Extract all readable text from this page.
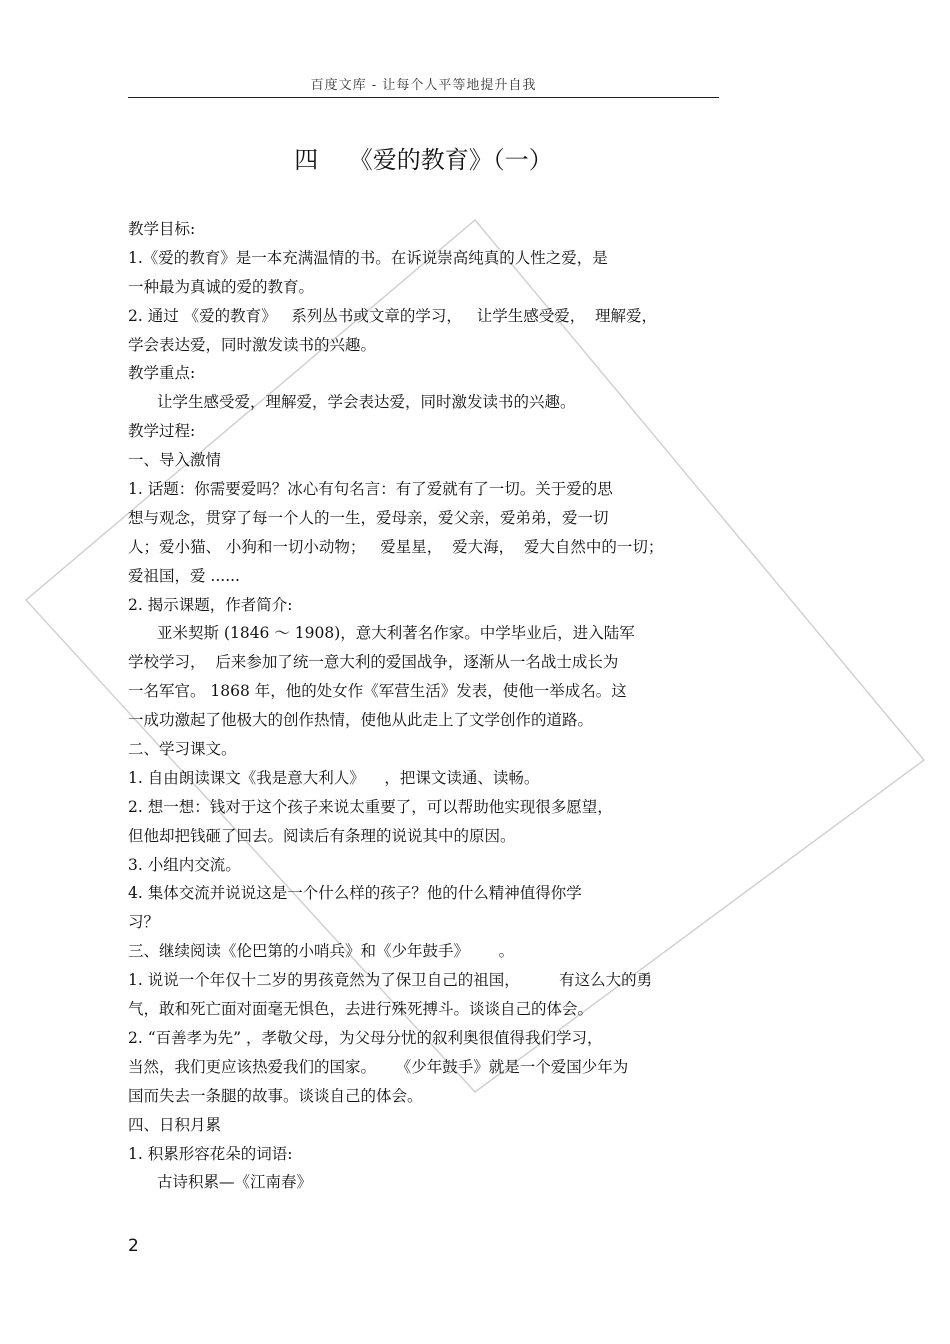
百度文库 - 让每个人平等地提升自我
四    《爱的教育》（一）
教学目标:
1.《爱的教育》是一本充满温情的书。在诉说崇高纯真的人性之爱，是
一种最为真诚的爱的教育。
2. 通过 《爱的教育》   系列丛书或文章的学习，   让学生感受爱，  理解爱，
学会表达爱，同时激发读书的兴趣。
教学重点:
让学生感受爱，理解爱，学会表达爱，同时激发读书的兴趣。
教学过程:
一、导入激情
1. 话题：你需要爱吗？冰心有句名言：有了爱就有了一切。关于爱的思
想与观念，贯穿了每一个人的一生，爱母亲，爱父亲，爱弟弟，爱一切
人；爱小猫、 小狗和一切小动物；   爱星星，  爱大海，  爱大自然中的一切；
爱祖国，爱 ......
2. 揭示课题，作者简介:
亚米契斯 (1846 ～ 1908)，意大利著名作家。中学毕业后，进入陆军
学校学习，  后来参加了统一意大利的爱国战争，逐渐从一名战士成长为
一名军官。 1868 年，他的处女作《军营生活》发表，使他一举成名。这
一成功激起了他极大的创作热情，使他从此走上了文学创作的道路。
二、学习课文。
1. 自由朗读课文《我是意大利人》    ，把课文读通、读畅。
2. 想一想：钱对于这个孩子来说太重要了，可以帮助他实现很多愿望，
但他却把钱砸了回去。阅读后有条理的说说其中的原因。
3. 小组内交流。
4. 集体交流并说说这是一个什么样的孩子？他的什么精神值得你学
习？
三、继续阅读《伦巴第的小哨兵》和《少年鼓手》      。
1. 说说一个年仅十二岁的男孩竟然为了保卫自己的祖国，        有这么大的勇
气，敢和死亡面对面毫无惧色，去进行殊死搏斗。谈谈自己的体会。
2. “百善孝为先” ，孝敬父母，为父母分忧的叙利奥很值得我们学习，
当然，我们更应该热爱我们的国家。    《少年鼓手》就是一个爱国少年为
国而失去一条腿的故事。谈谈自己的体会。
四、日积月累
1. 积累形容花朵的词语:
古诗积累—《江南春》
2
